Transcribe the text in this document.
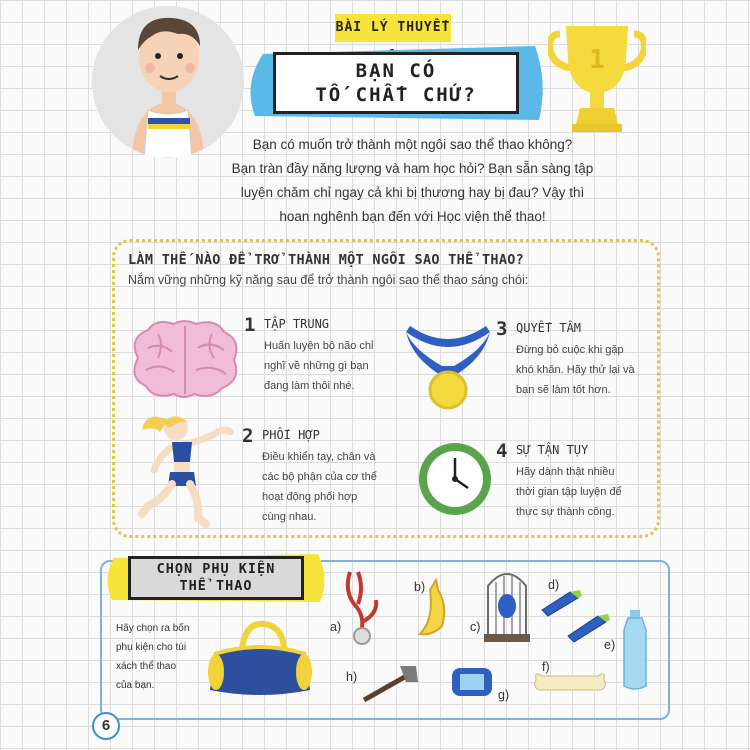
1
BÀI LÝ THUYẾT
BẠN CÓ
TỐ CHẤT CHỨ?
Bạn có muốn trở thành một ngôi sao thể thao không?
Bạn tràn đầy năng lượng và ham học hỏi? Bạn sẵn sàng tập
luyện chăm chỉ ngay cả khi bị thương hay bị đau? Vậy thì
hoan nghênh bạn đến với Học viện thể thao!
LÀM THẾ NÀO ĐỂ TRỞ THÀNH MỘT NGÔI SAO THỂ THAO?
Nắm vững những kỹ năng sau để trở thành ngôi sao thể thao sáng chói:
1 TẬP TRUNG
Huấn luyện bộ não chỉ
nghĩ về những gì bạn
đang làm thôi nhé.
2 PHỐI HỢP
Điều khiển tay, chân và
các bộ phận của cơ thể
hoạt động phối hợp
cùng nhau.
3 QUYẾT TÂM
Đừng bỏ cuộc khi gặp
khó khăn. Hãy thử lại và
bạn sẽ làm tốt hơn.
4 SỰ TẬN TỤY
Hãy dành thật nhiều
thời gian tập luyện để
thực sự thành công.
CHỌN PHỤ KIỆN
THỂ THAO
Hãy chọn ra bốn
phụ kiện cho túi
xách thể thao
của bạn.
a)
b)
c)
d)
e)
f)
g)
h)
6
